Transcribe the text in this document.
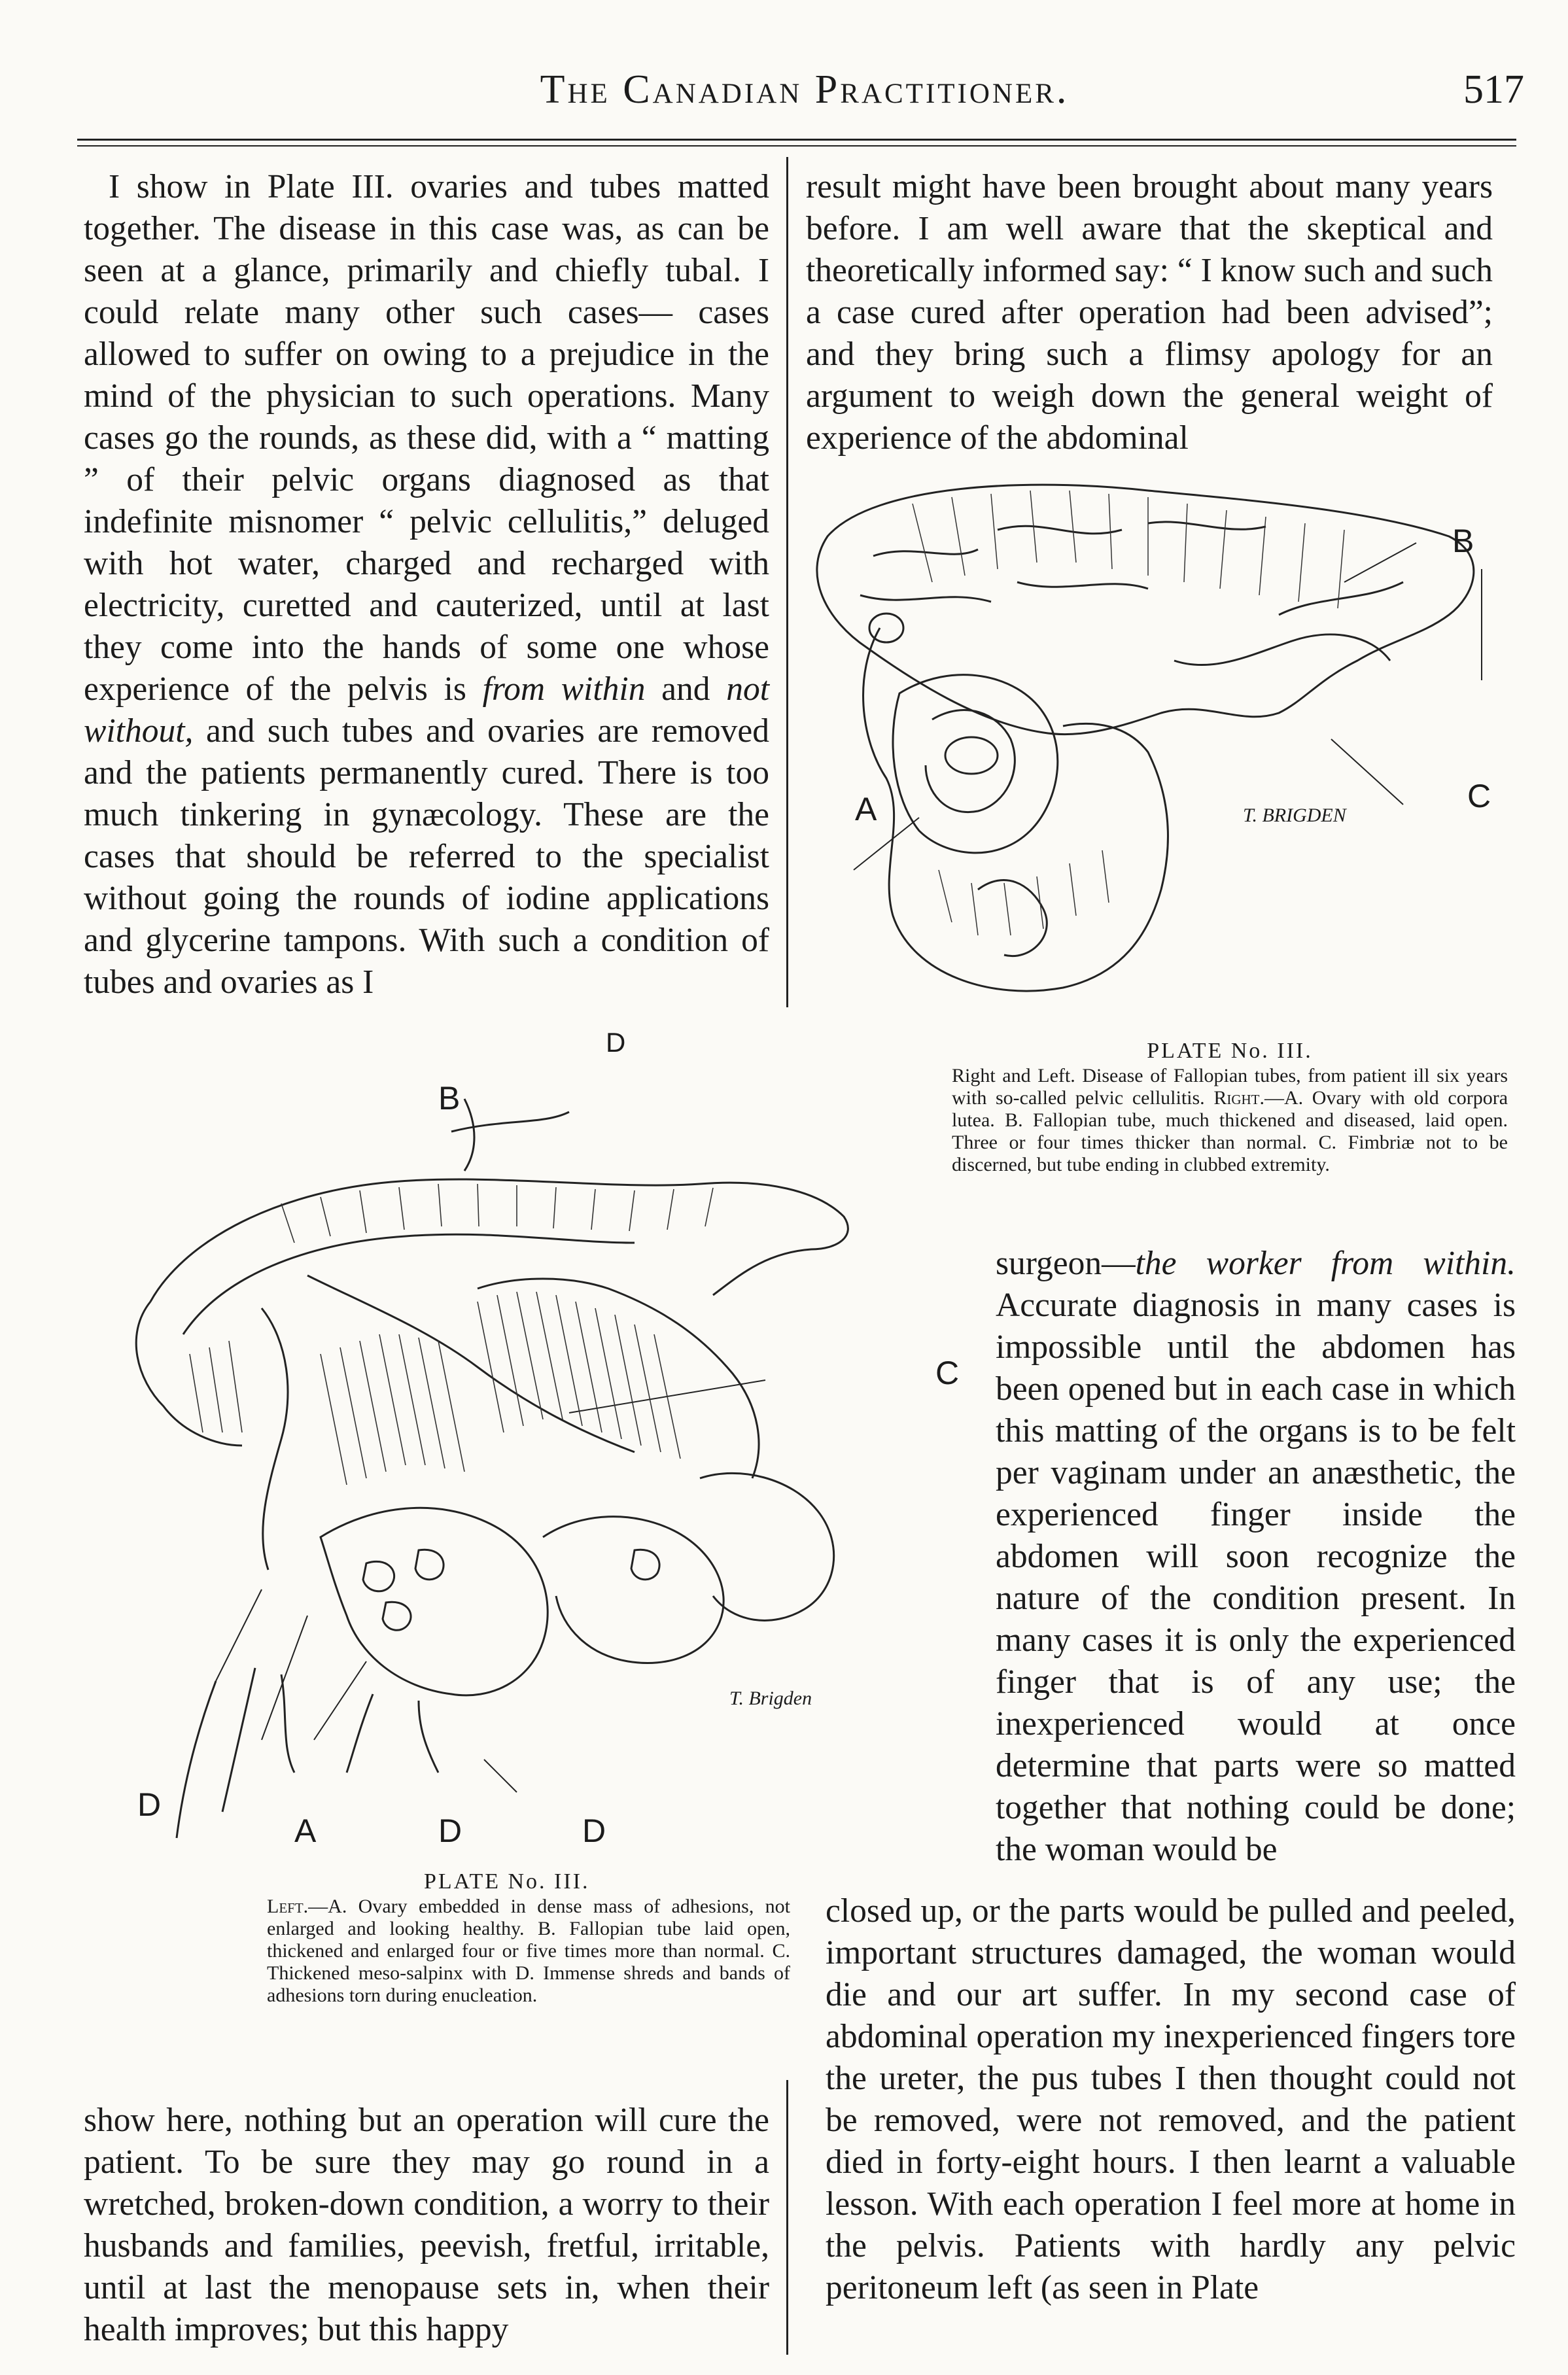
The Canadian Practitioner.	517

I show in Plate III. ovaries and tubes matted together. The disease in this case was, as can be seen at a glance, primarily and chiefly tubal. I could relate many other such cases— cases allowed to suffer on owing to a prejudice in the mind of the physician to such operations. Many cases go the rounds, as these did, with a “ matting ” of their pelvic organs diagnosed as that indefinite misnomer “ pelvic cellulitis,” deluged with hot water, charged and recharged with electricity, curetted and cauterized, until at last they come into the hands of some one whose experience of the pelvis is from within and not without, and such tubes and ovaries are removed and the patients permanently cured. There is too much tinkering in gynæcology. These are the cases that should be referred to the specialist without going the rounds of iodine applications and glycerine tampons. With such a condition of tubes and ovaries as I

result might have been brought about many years before. I am well aware that the skeptical and theoretically informed say: “ I know such and such a case cured after operation had been advised”; and they bring such a flimsy apology for an argument to weigh down the general weight of experience of the abdominal

B
C
A	T. BRIGDEN
PLATE No. III.
Right and Left. Disease of Fallopian tubes, from patient ill six years with so-called pelvic cellulitis. Right.—A. Ovary with old corpora lutea. B. Fallopian tube, much thickened and diseased, laid open. Three or four times thicker than normal. C. Fimbriæ not to be discerned, but tube ending in clubbed extremity.
D
B
C
D
A	D	D
T. Brigden
PLATE No. III.
Left.—A. Ovary embedded in dense mass of adhesions, not enlarged and looking healthy. B. Fallopian tube laid open, thickened and enlarged four or five times more than normal. C. Thickened meso-salpinx with D. Immense shreds and bands of adhesions torn during enucleation.

surgeon—the worker from within. Accurate diagnosis in many cases is impossible until the abdomen has been opened but in each case in which this matting of the organs is to be felt per vaginam under an anæsthetic, the experienced finger inside the abdomen will soon recognize the nature of the condition present. In many cases it is only the experienced finger that is of any use; the inexperienced would at once determine that parts were so matted together that nothing could be done; the woman would be

closed up, or the parts would be pulled and peeled, important structures damaged, the woman would die and our art suffer. In my second case of abdominal operation my inexperienced fingers tore the ureter, the pus tubes I then thought could not be removed, were not removed, and the patient died in forty-eight hours. I then learnt a valuable lesson. With each operation I feel more at home in the pelvis. Patients with hardly any pelvic peritoneum left (as seen in Plate

show here, nothing but an operation will cure the patient. To be sure they may go round in a wretched, broken-down condition, a worry to their husbands and families, peevish, fretful, irritable, until at last the menopause sets in, when their health improves; but this happy
